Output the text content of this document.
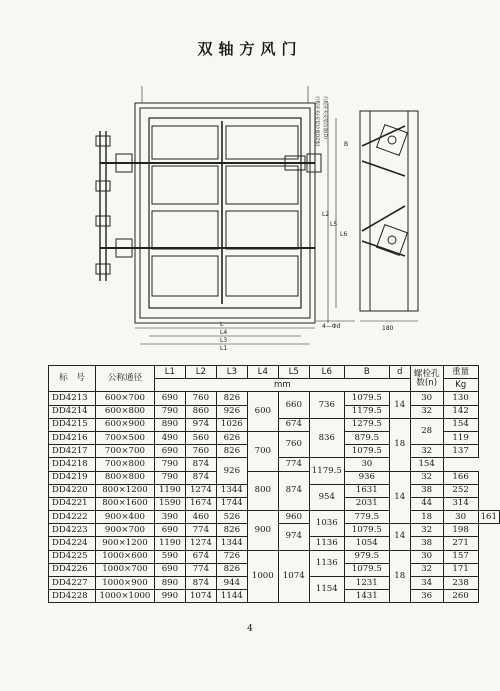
双轴方风门
L
L4
L3
L1
L2
L5
L6
B
180
4—Φd
行程开关(安装位置DZ形) 行程开关安装位置(D)
标　号	公称通径	L1	L2	L3	L4	L5	L6	B	d	螺栓孔数(n)	重量	
		mm									Kg	
DD4213	600×700	690	760	826	600	660	736	1079.5	14	30	130	
DD4214	600×800	790	860	926				1179.5		32	142	
DD4215	600×900	890	974	1026		674	836	1279.5	18	28	154	
DD4216	700×500	490	560	626	700	760		879.5			119	
DD4217	700×700	690	760	826				1079.5		32	137	
DD4218	700×800	790	874	926		774	1179.5	30		154		
DD4219	800×800	790	874		800	874		936	14	32	166	
DD4220	800×1200	1190	1274	1344			954	1631		38	252	
DD4221	800×1600	1590	1674	1744				2031		44	314	
DD4222	900×400	390	460	526	900	960	1036	779.5		18	30	161
DD4223	900×700	690	774	826		974		1079.5	14	32	198	
DD4224	900×1200	1190	1274	1344			1136	1054		38	271	
DD4225	1000×600	590	674	726	1000	1074	1136	979.5	18	30	157	
DD4226	1000×700	690	774	826				1079.5		32	171	
DD4227	1000×900	890	874	944			1154	1231		34	238	
DD4228	1000×1000	990	1074	1144				1431		36	260	
4
